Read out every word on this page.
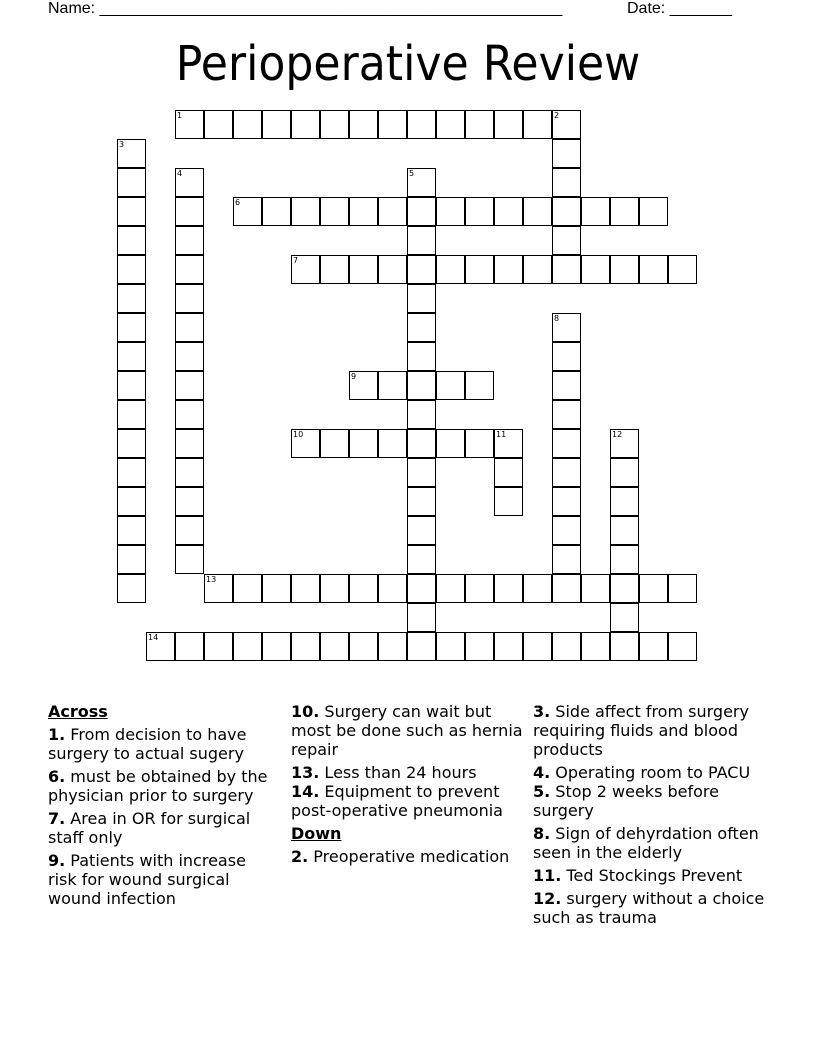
Name: ____________________________________________________	Date: _______
Perioperative Review
1	2
3
4	5
6
7
8
9
10	11	12
13
14
Across
1. From decision to have surgery to actual sugery
6. must be obtained by the physician prior to surgery
7. Area in OR for surgical staff only
9. Patients with increase risk for wound surgical wound infection
10. Surgery can wait but most be done such as hernia repair
13. Less than 24 hours
14. Equipment to prevent post-operative pneumonia
Down
2. Preoperative medication
3. Side affect from surgery requiring fluids and blood products
4. Operating room to PACU
5. Stop 2 weeks before surgery
8. Sign of dehyrdation often seen in the elderly
11. Ted Stockings Prevent
12. surgery without a choice such as trauma
